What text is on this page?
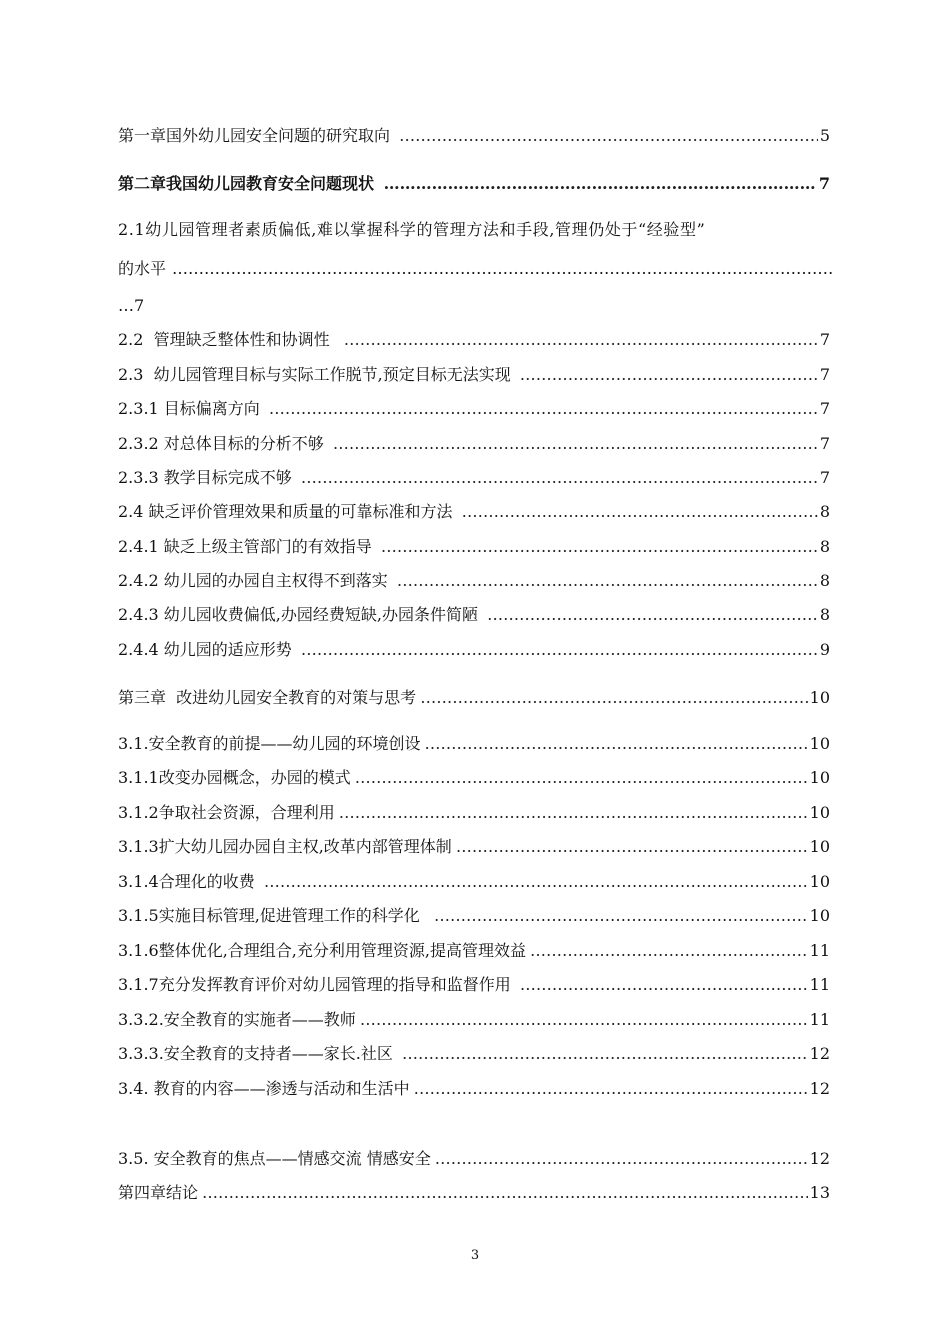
第一章国外幼儿园安全问题的研究取向 …………………………………………………………………………………………………………………………………………………………………………………………………………………………	5
第二章我国幼儿园教育安全问题现状 …………………………………………………………………………………………………………………………………………………………………………………………………………………………	7
2.1幼儿园管理者素质偏低,难以掌握科学的管理方法和手段,管理仍处于“经验型”
的水平
…………………………………………………………………………………………………………………………………………………………………………………………
…7
2.2  管理缺乏整体性和协调性 …………………………………………………………………………………………………………………………………………………………………………………………………………………………	7
2.3  幼儿园管理目标与实际工作脱节,预定目标无法实现 …………………………………………………………………………………………………………………………………………………………………………………………………………………………	7
2.3.1 目标偏离方向 …………………………………………………………………………………………………………………………………………………………………………………………………………………………	7
2.3.2 对总体目标的分析不够 …………………………………………………………………………………………………………………………………………………………………………………………………………………………	7
2.3.3 教学目标完成不够 …………………………………………………………………………………………………………………………………………………………………………………………………………………………	7
2.4 缺乏评价管理效果和质量的可靠标准和方法 …………………………………………………………………………………………………………………………………………………………………………………………………………………………	8
2.4.1 缺乏上级主管部门的有效指导 …………………………………………………………………………………………………………………………………………………………………………………………………………………………	8
2.4.2 幼儿园的办园自主权得不到落实 …………………………………………………………………………………………………………………………………………………………………………………………………………………………	8
2.4.3 幼儿园收费偏低,办园经费短缺,办园条件简陋 …………………………………………………………………………………………………………………………………………………………………………………………………………………………	8
2.4.4 幼儿园的适应形势 …………………………………………………………………………………………………………………………………………………………………………………………………………………………	9
第三章  改进幼儿园安全教育的对策与思考 …………………………………………………………………………………………………………………………………………………………………………………………………………………………	10
3.1.安全教育的前提——幼儿园的环境创设 …………………………………………………………………………………………………………………………………………………………………………………………………………………………	10
3.1.1改变办园概念，办园的模式 …………………………………………………………………………………………………………………………………………………………………………………………………………………………	10
3.1.2争取社会资源，合理利用 …………………………………………………………………………………………………………………………………………………………………………………………………………………………	10
3.1.3扩大幼儿园办园自主权,改革内部管理体制 …………………………………………………………………………………………………………………………………………………………………………………………………………………………	10
3.1.4合理化的收费 …………………………………………………………………………………………………………………………………………………………………………………………………………………………	10
3.1.5实施目标管理,促进管理工作的科学化 …………………………………………………………………………………………………………………………………………………………………………………………………………………………	10
3.1.6整体优化,合理组合,充分利用管理资源,提高管理效益 …………………………………………………………………………………………………………………………………………………………………………………………………………………………	11
3.1.7充分发挥教育评价对幼儿园管理的指导和监督作用 …………………………………………………………………………………………………………………………………………………………………………………………………………………………	11
3.3.2.安全教育的实施者——教师 …………………………………………………………………………………………………………………………………………………………………………………………………………………………	11
3.3.3.安全教育的支持者——家长.社区 …………………………………………………………………………………………………………………………………………………………………………………………………………………………	12
3.4. 教育的内容——渗透与活动和生活中 …………………………………………………………………………………………………………………………………………………………………………………………………………………………	12
3.5. 安全教育的焦点——情感交流 情感安全 …………………………………………………………………………………………………………………………………………………………………………………………………………………………	12
第四章结论 …………………………………………………………………………………………………………………………………………………………………………………………………………………………	13
3
